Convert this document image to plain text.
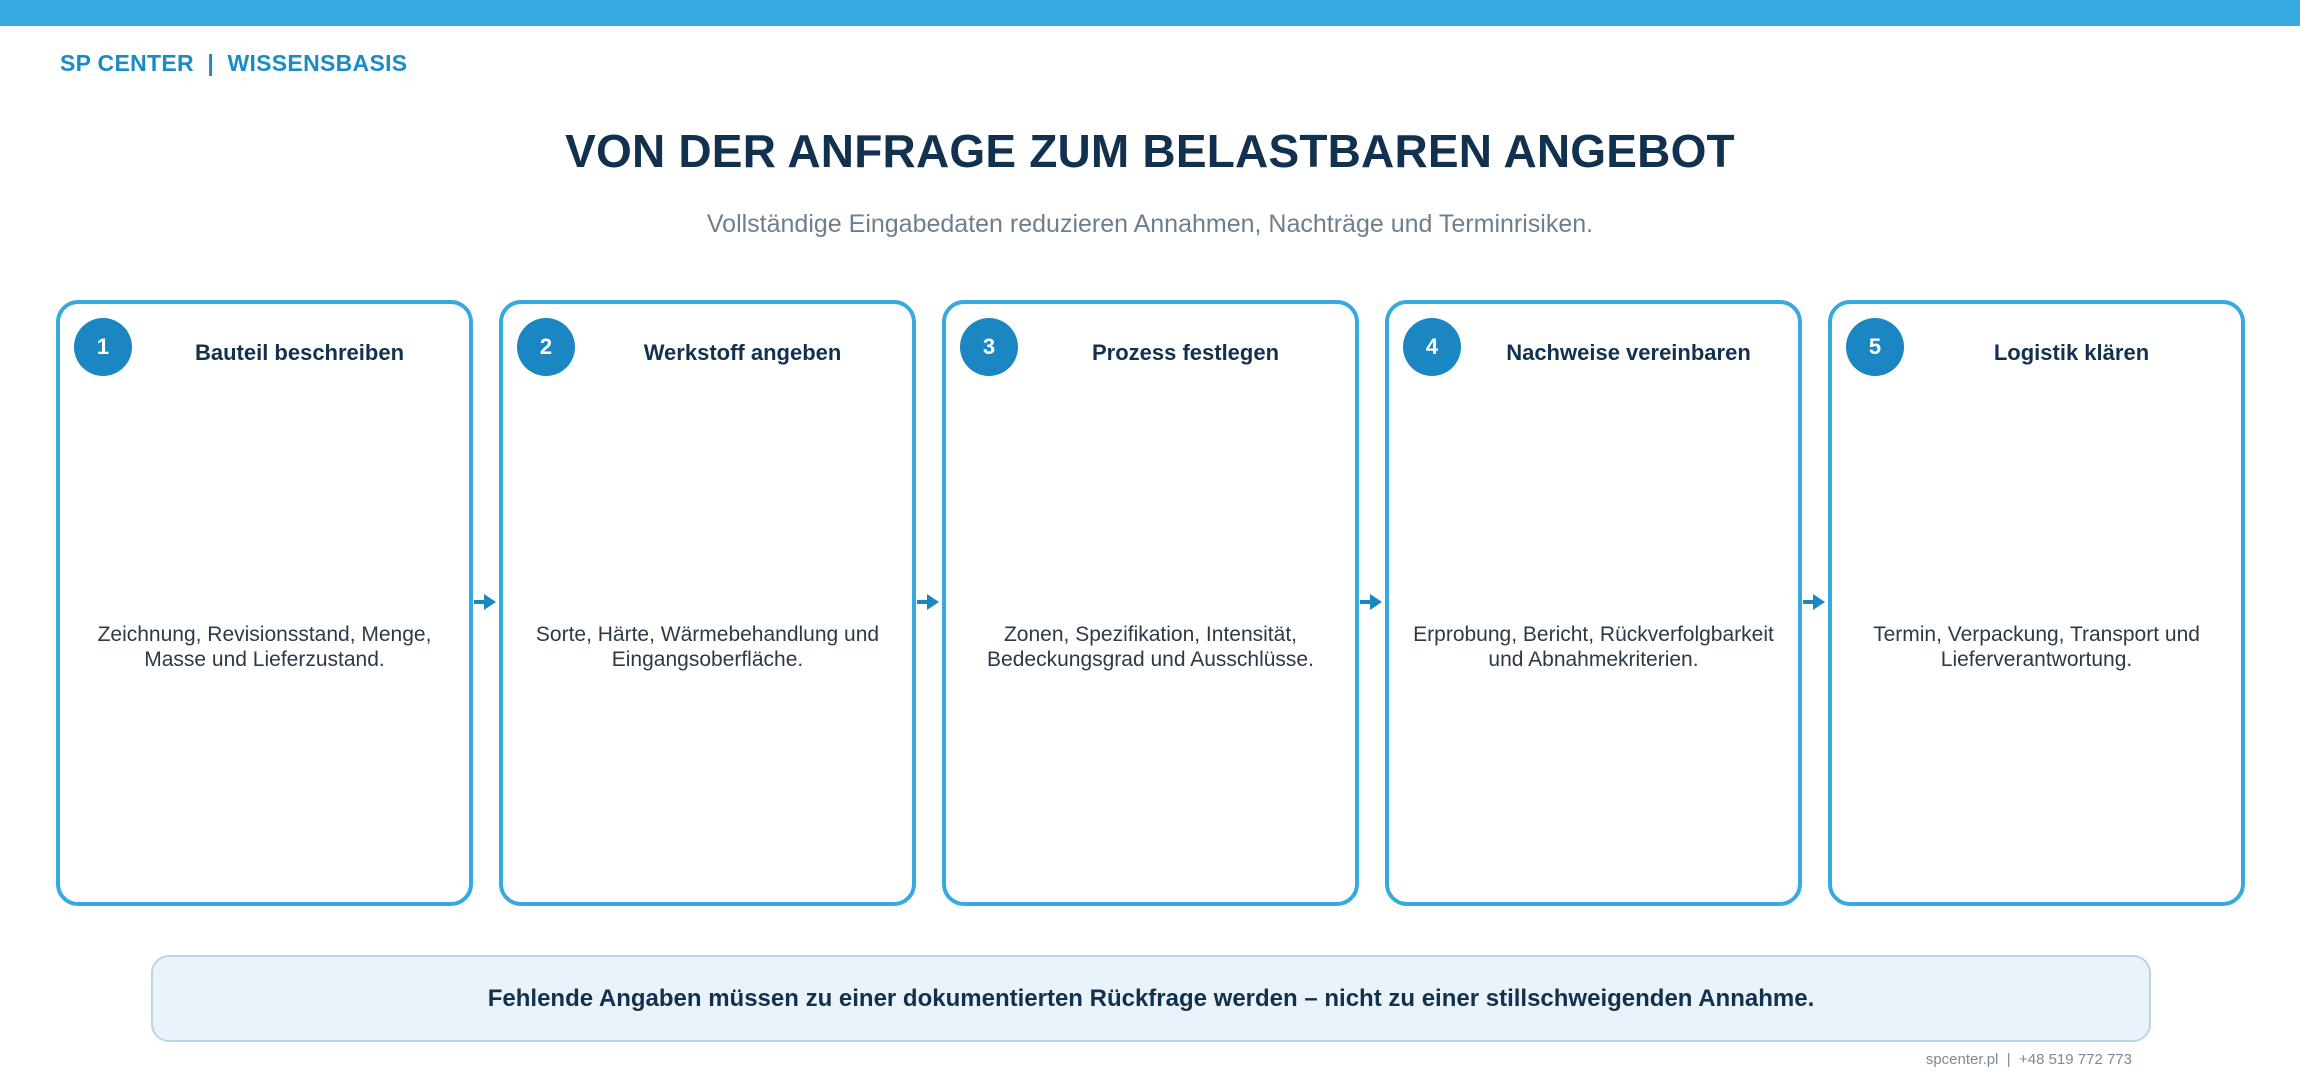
SP CENTER | WISSENSBASIS
VON DER ANFRAGE ZUM BELASTBAREN ANGEBOT
Vollständige Eingabedaten reduzieren Annahmen, Nachträge und Terminrisiken.
1	Bauteil beschreiben
Zeichnung, Revisionsstand, Menge, Masse und Lieferzustand.
2	Werkstoff angeben
Sorte, Härte, Wärmebehandlung und Eingangsoberfläche.
3	Prozess festlegen
Zonen, Spezifikation, Intensität, Bedeckungsgrad und Ausschlüsse.
4	Nachweise vereinbaren
Erprobung, Bericht, Rückverfolgbarkeit und Abnahmekriterien.
5	Logistik klären
Termin, Verpackung, Transport und Lieferverantwortung.
Fehlende Angaben müssen zu einer dokumentierten Rückfrage werden – nicht zu einer stillschweigenden Annahme.
spcenter.pl | +48 519 772 773
